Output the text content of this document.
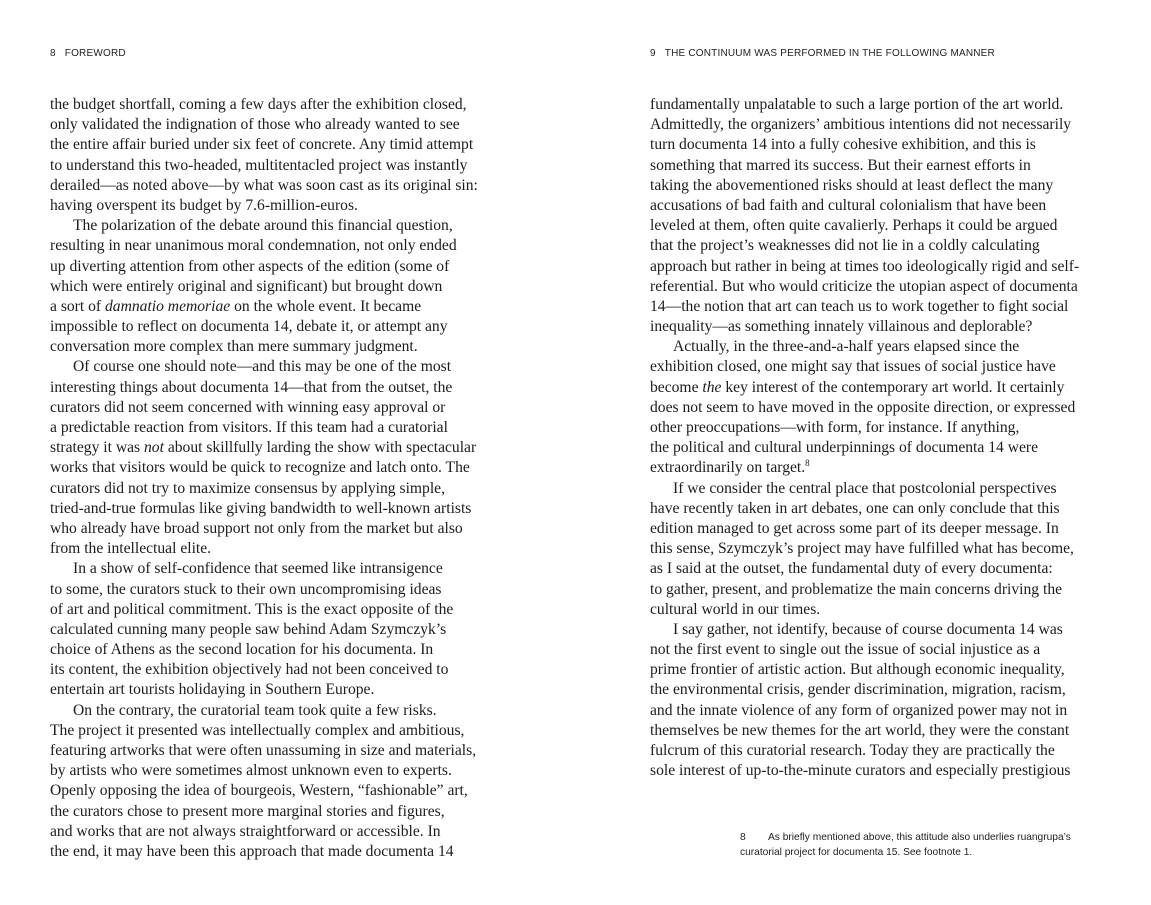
8 FOREWORD	9 THE CONTINUUM WAS PERFORMED IN THE FOLLOWING MANNER
the budget shortfall, coming a few days after the exhibition closed,
only validated the indignation of those who already wanted to see
the entire affair buried under six feet of concrete. Any timid attempt
to understand this two-headed, multitentacled project was instantly
derailed—as noted above—by what was soon cast as its original sin:
having overspent its budget by 7.6-million-euros.
The polarization of the debate around this financial question,
resulting in near unanimous moral condemnation, not only ended
up diverting attention from other aspects of the edition (some of
which were entirely original and significant) but brought down
a sort of damnatio memoriae on the whole event. It became
impossible to reflect on documenta 14, debate it, or attempt any
conversation more complex than mere summary judgment.
Of course one should note—and this may be one of the most
interesting things about documenta 14—that from the outset, the
curators did not seem concerned with winning easy approval or
a predictable reaction from visitors. If this team had a curatorial
strategy it was not about skillfully larding the show with spectacular
works that visitors would be quick to recognize and latch onto. The
curators did not try to maximize consensus by applying simple,
tried-and-true formulas like giving bandwidth to well-known artists
who already have broad support not only from the market but also
from the intellectual elite.
In a show of self-confidence that seemed like intransigence
to some, the curators stuck to their own uncompromising ideas
of art and political commitment. This is the exact opposite of the
calculated cunning many people saw behind Adam Szymczyk’s
choice of Athens as the second location for his documenta. In
its content, the exhibition objectively had not been conceived to
entertain art tourists holidaying in Southern Europe.
On the contrary, the curatorial team took quite a few risks.
The project it presented was intellectually complex and ambitious,
featuring artworks that were often unassuming in size and materials,
by artists who were sometimes almost unknown even to experts.
Openly opposing the idea of bourgeois, Western, “fashionable” art,
the curators chose to present more marginal stories and figures,
and works that are not always straightforward or accessible. In
the end, it may have been this approach that made documenta 14
fundamentally unpalatable to such a large portion of the art world.
Admittedly, the organizers’ ambitious intentions did not necessarily
turn documenta 14 into a fully cohesive exhibition, and this is
something that marred its success. But their earnest efforts in
taking the abovementioned risks should at least deflect the many
accusations of bad faith and cultural colonialism that have been
leveled at them, often quite cavalierly. Perhaps it could be argued
that the project’s weaknesses did not lie in a coldly calculating
approach but rather in being at times too ideologically rigid and self-
referential. But who would criticize the utopian aspect of documenta
14—the notion that art can teach us to work together to fight social
inequality—as something innately villainous and deplorable?
Actually, in the three-and-a-half years elapsed since the
exhibition closed, one might say that issues of social justice have
become the key interest of the contemporary art world. It certainly
does not seem to have moved in the opposite direction, or expressed
other preoccupations—with form, for instance. If anything,
the political and cultural underpinnings of documenta 14 were
extraordinarily on target.$^8$
If we consider the central place that postcolonial perspectives
have recently taken in art debates, one can only conclude that this
edition managed to get across some part of its deeper message. In
this sense, Szymczyk’s project may have fulfilled what has become,
as I said at the outset, the fundamental duty of every documenta:
to gather, present, and problematize the main concerns driving the
cultural world in our times.
I say gather, not identify, because of course documenta 14 was
not the first event to single out the issue of social injustice as a
prime frontier of artistic action. But although economic inequality,
the environmental crisis, gender discrimination, migration, racism,
and the innate violence of any form of organized power may not in
themselves be new themes for the art world, they were the constant
fulcrum of this curatorial research. Today they are practically the
sole interest of up-to-the-minute curators and especially prestigious
8 As briefly mentioned above, this attitude also underlies ruangrupa’s
curatorial project for documenta 15. See footnote 1.
